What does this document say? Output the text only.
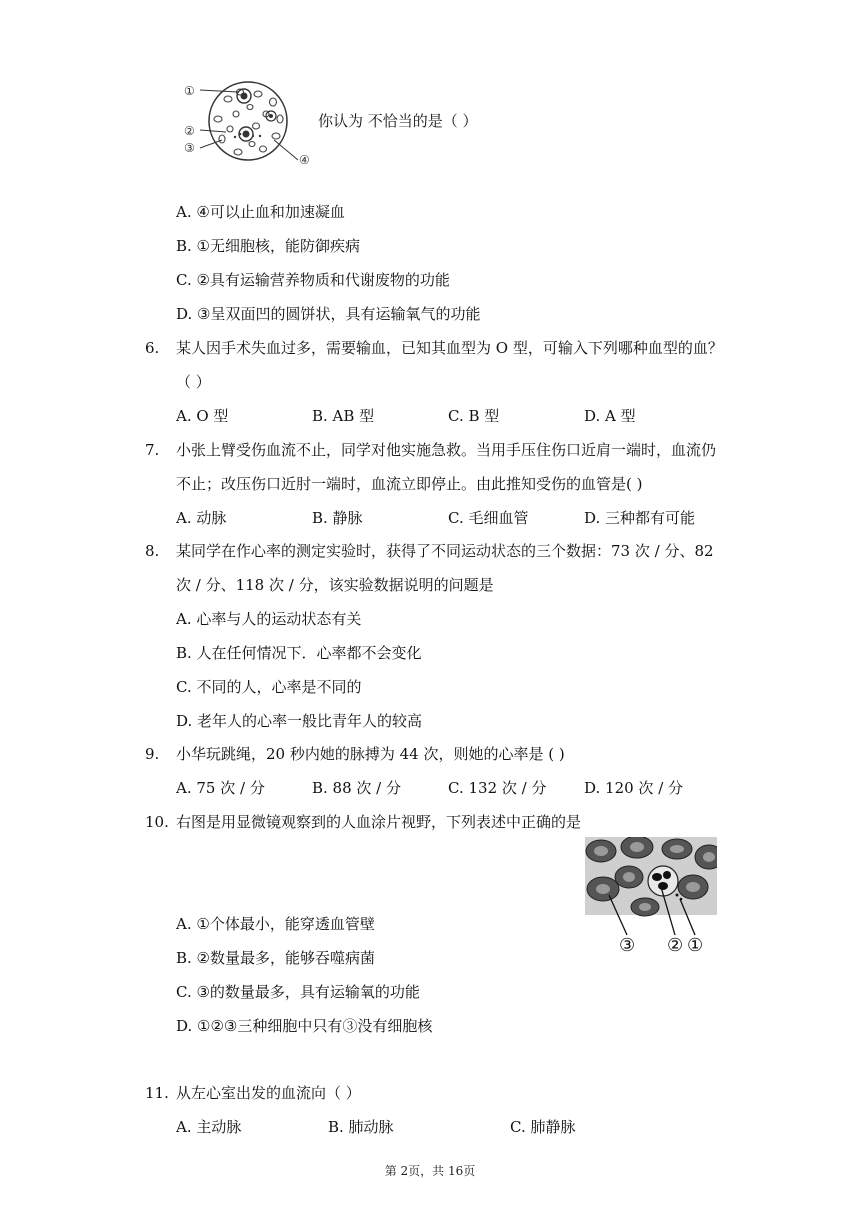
①
②
③
④
你认为 不恰当的是（ ）
A. ④可以止血和加速凝血
B. ①无细胞核，能防御疾病
C. ②具有运输营养物质和代谢废物的功能
D. ③呈双面凹的圆饼状，具有运输氧气的功能
6. 某人因手术失血过多，需要输血，已知其血型为 O 型，可输入下列哪种血型的血？
（ ）
A. O 型	B. AB 型	C. B 型	D. A 型
7. 小张上臂受伤血流不止，同学对他实施急救。当用手压住伤口近肩一端时，血流仍
不止；改压伤口近肘一端时，血流立即停止。由此推知受伤的血管是( )
A. 动脉	B. 静脉	C. 毛细血管	D. 三种都有可能
8. 某同学在作心率的测定实验时，获得了不同运动状态的三个数据：73 次 / 分、82
次 / 分、118 次 / 分，该实验数据说明的问题是
A. 心率与人的运动状态有关
B. 人在任何情况下．心率都不会变化
C. 不同的人，心率是不同的
D. 老年人的心率一般比青年人的较高
9. 小华玩跳绳，20 秒内她的脉搏为 44 次，则她的心率是 ( )
A. 75 次 / 分	B. 88 次 / 分	C. 132 次 / 分	D. 120 次 / 分
10. 右图是用显微镜观察到的人血涂片视野，下列表述中正确的是
③ ② ①
A. ①个体最小，能穿透血管壁
B. ②数量最多，能够吞噬病菌
C. ③的数量最多，具有运输氧的功能
D. ①②③三种细胞中只有③没有细胞核
11. 从左心室出发的血流向（ ）
A. 主动脉	B. 肺动脉	C. 肺静脉
第 2页，共 16页
